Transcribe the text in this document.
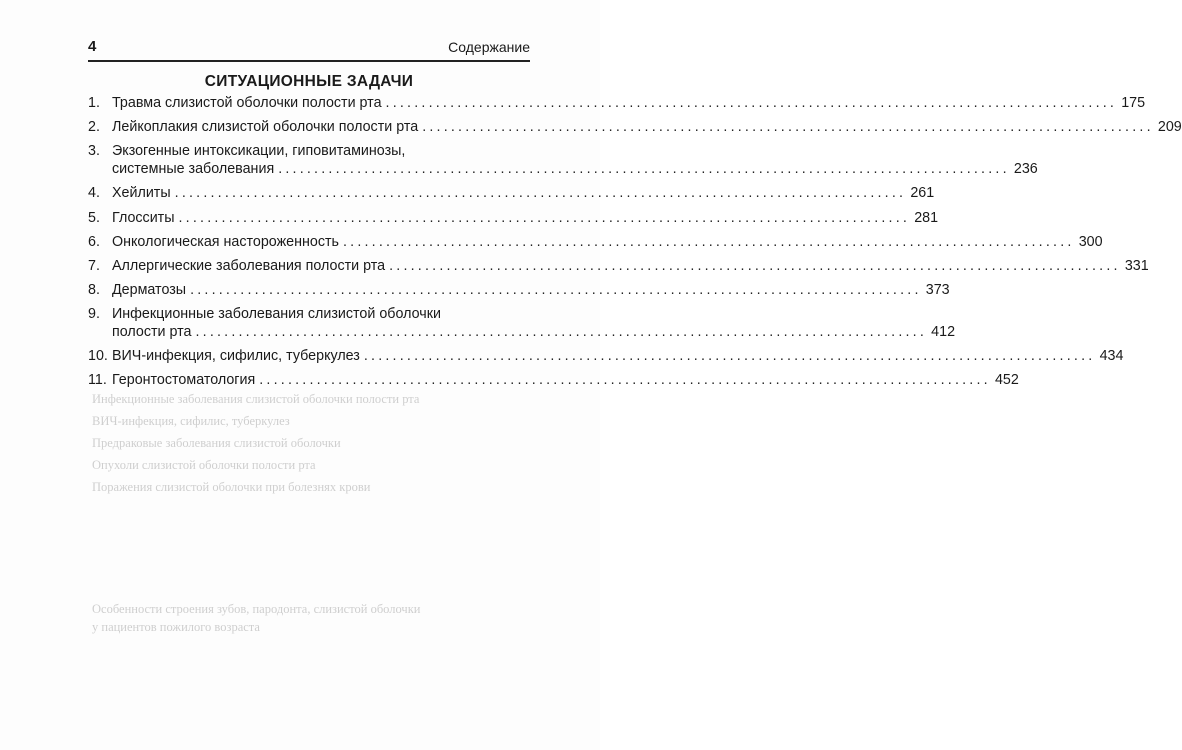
Инфекционные заболевания слизистой оболочки полости рта
ВИЧ-инфекция, сифилис, туберкулез
Предраковые заболевания слизистой оболочки
Опухоли слизистой оболочки полости рта
Поражения слизистой оболочки при болезнях крови
Особенности строения зубов, пародонта, слизистой оболочки
у пациентов пожилого возраста
4	Содержание
СИТУАЦИОННЫЕ ЗАДАЧИ
1. Травма слизистой оболочки полости рта ...................................................................................................... 175
2. Лейкоплакия слизистой оболочки полости рта ...................................................................................................... 209
3. Экзогенные интоксикации, гиповитаминозы,
системные заболевания ...................................................................................................... 236
4. Хейлиты ...................................................................................................... 261
5. Глосситы ...................................................................................................... 281
6. Онкологическая настороженность ...................................................................................................... 300
7. Аллергические заболевания полости рта ...................................................................................................... 331
8. Дерматозы ...................................................................................................... 373
9. Инфекционные заболевания слизистой оболочки
полости рта ...................................................................................................... 412
10. ВИЧ-инфекция, сифилис, туберкулез ...................................................................................................... 434
11. Геронтостоматология ...................................................................................................... 452
